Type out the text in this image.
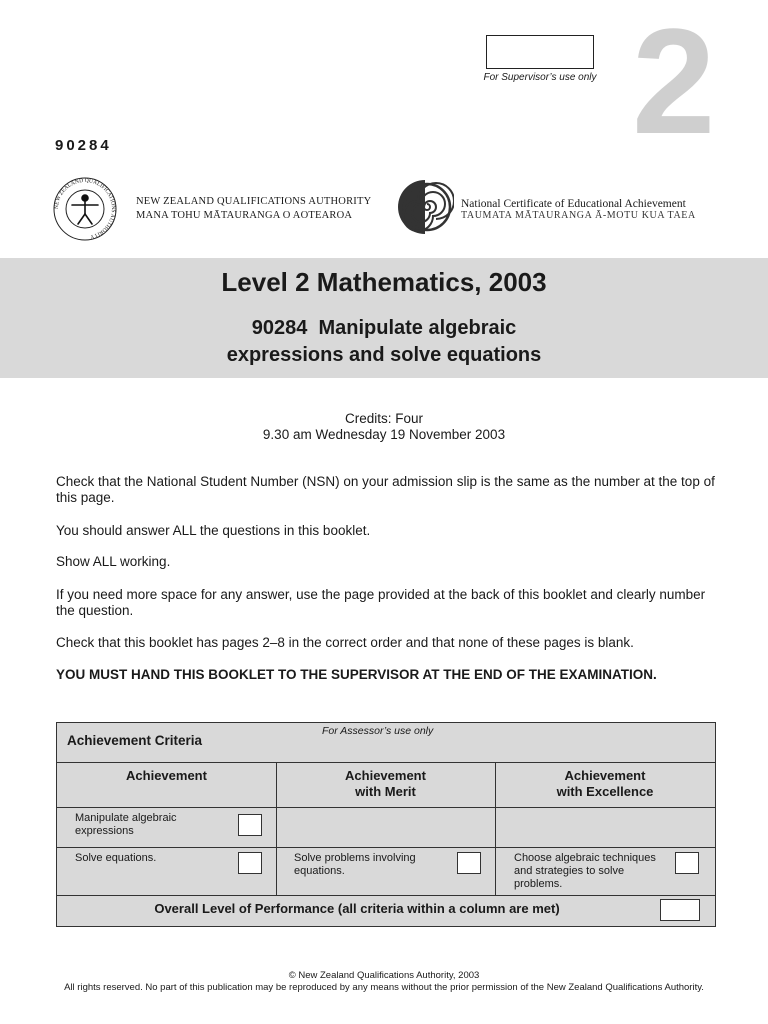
For Supervisor’s use only 2
90284
NEW ZEALAND QUALIFICATIONS AUTHORITY
NEW ZEALAND QUALIFICATIONS AUTHORITY
MANA TOHU MĀTAURANGA O AOTEAROA
National Certificate of Educational Achievement
TAUMATA MĀTAURANGA Ā-MOTU KUA TAEA
Level 2 Mathematics, 2003
90284  Manipulate algebraic
expressions and solve equations
Credits: Four
9.30 am Wednesday 19 November 2003
Check that the National Student Number (NSN) on your admission slip is the same as the number at the top of this page.
You should answer ALL the questions in this booklet.
Show ALL working.
If you need more space for any answer, use the page provided at the back of this booklet and clearly number the question.
Check that this booklet has pages 2–8 in the correct order and that none of these pages is blank.
YOU MUST HAND THIS BOOKLET TO THE SUPERVISOR AT THE END OF THE EXAMINATION.
For Assessor’s use only
Achievement Criteria
Achievement	Achievement
with Merit
Achievement
with Excellence
Manipulate algebraic expressions
Solve equations.	Solve problems involving equations.
Choose algebraic techniques and strategies to solve problems.
Overall Level of Performance (all criteria within a column are met)
© New Zealand Qualifications Authority, 2003
All rights reserved. No part of this publication may be reproduced by any means without the prior permission of the New Zealand Qualifications Authority.
